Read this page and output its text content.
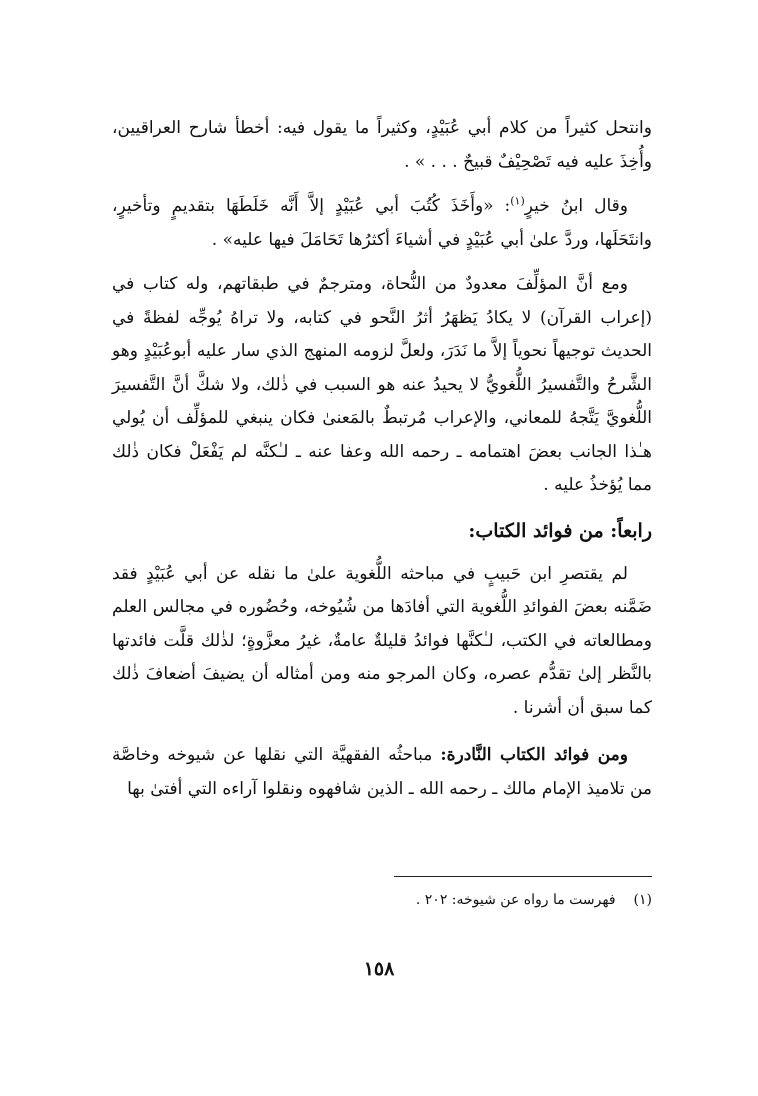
وانتحل كثيراً من كلام أبي عُبَيْدٍ، وكثيراً ما يقول فيه: أخطأ شارح العراقيين، وأُخِذَ عليه فيه تَصْحِيْفٌ قبيحٌ . . . » .

وقال ابنُ خيرٍ$^{(١)}$: «وأَخَذَ كُتُبَ أبي عُبَيْدٍ إلاَّ أَنَّه خَلَطَهَا بتقديمٍ وتأخيرٍ، وانتَحَلَها، وردَّ علىٰ أبي عُبَيْدٍ في أشياءَ أكثرُها تَحَامَلَ فيها عليه» .

ومع أنَّ المؤلِّفَ معدودٌ من النُّحاة، ومترجمٌ في طبقاتهم، وله كتاب في (إعراب القرآن) لا يكادُ يَظهَرُ أثرُ النَّحو في كتابه، ولا تراهُ يُوجِّه لفظةً في الحديث توجيهاً نحوياً إلاَّ ما نَدَرَ، ولعلَّ لزومه المنهج الذي سار عليه أبوعُبَيْدٍ وهو الشَّرحُ والتَّفسيرُ اللُّغويُّ لا يحيدُ عنه هو السبب في ذٰلك، ولا شكَّ أنَّ التَّفسيرَ اللُّغويَّ يَتَّجهُ للمعاني، والإعراب مُرتبطٌ بالمَعنىٰ فكان ينبغي للمؤلِّف أن يُولي هـٰذا الجانب بعضَ اهتمامه ـ رحمه الله وعفا عنه ـ لـٰكنَّه لم يَفْعَلْ فكان ذٰلك مما يُؤخذُ عليه .

رابعاً: من فوائد الكتاب:

لم يقتصرِ ابن حَبيبٍ في مباحثه اللُّغوية علىٰ ما نقله عن أبي عُبَيْدٍ فقد ضَمَّنه بعضَ الفوائدِ اللُّغوية التي أفادَها من شُيُوخه، وحُضُوره في مجالس العلم ومطالعاته في الكتب، لـٰكنَّها فوائدُ قليلةٌ عامةٌ، غيرُ معزَّوةٍ؛ لذٰلك قلَّت فائدتها بالنَّظر إلىٰ تقدُّم عصره، وكان المرجو منه ومن أمثاله أن يضيفَ أضعافَ ذٰلك كما سبق أن أشرنا .

ومن فوائد الكتاب النَّادرة: مباحثُه الفقهيَّة التي نقلها عن شيوخه وخاصَّة من تلاميذ الإمام مالك ـ رحمه الله ـ الذين شافهوه ونقلوا آراءه التي أفتىٰ بها

(١)فهرست ما رواه عن شيوخه: ٢٠٢ .
١٥٨
